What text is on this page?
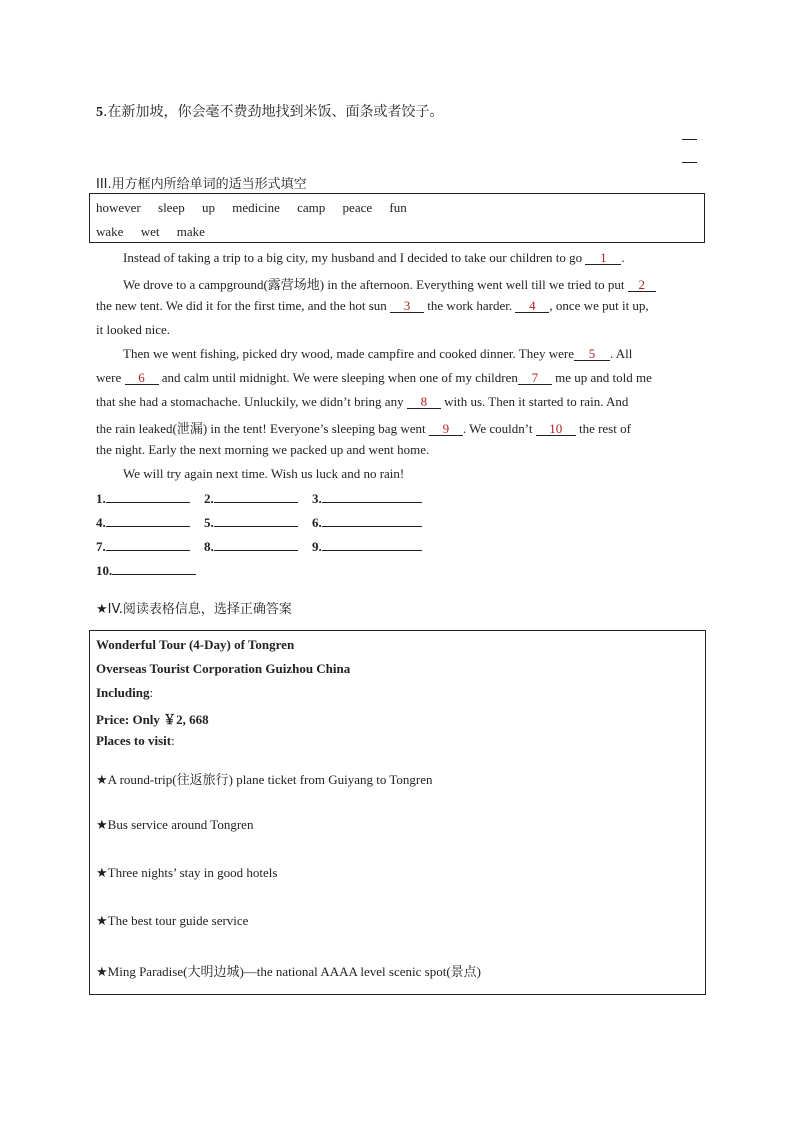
5.在新加坡，你会毫不费劲地找到米饭、面条或者饺子。
III.用方框内所给单词的适当形式填空
however sleep up medicine camp peace fun
wake wet make
Instead of taking a trip to a big city, my husband and I decided to take our children to go 1 .
We drove to a campground(露营场地) in the afternoon. Everything went well till we tried to put 2
the new tent. We did it for the first time, and the hot sun 3 the work harder. 4 , once we put it up,
it looked nice.
Then we went fishing, picked dry wood, made campfire and cooked dinner. They were 5 . All
were 6 and calm until midnight. We were sleeping when one of my children 7 me up and told me
that she had a stomachache. Unluckily, we didn’t bring any 8 with us. Then it started to rain. And
the rain leaked(泄漏) in the tent! Everyone’s sleeping bag went 9 . We couldn’t 10 the rest of
the night. Early the next morning we packed up and went home.
We will try again next time. Wish us luck and no rain!
1.	2.	3.
4.	5.	6.
7.	8.	9.
10.
★IV.阅读表格信息，选择正确答案
Wonderful Tour (4-Day) of Tongren
Overseas Tourist Corporation Guizhou China
Including:
Price: Only ￥2, 668
Places to visit:
★A round-trip(往返旅行) plane ticket from Guiyang to Tongren
★Bus service around Tongren
★Three nights’ stay in good hotels
★The best tour guide service
★Ming Paradise(大明边城)—the national AAAA level scenic spot(景点)
